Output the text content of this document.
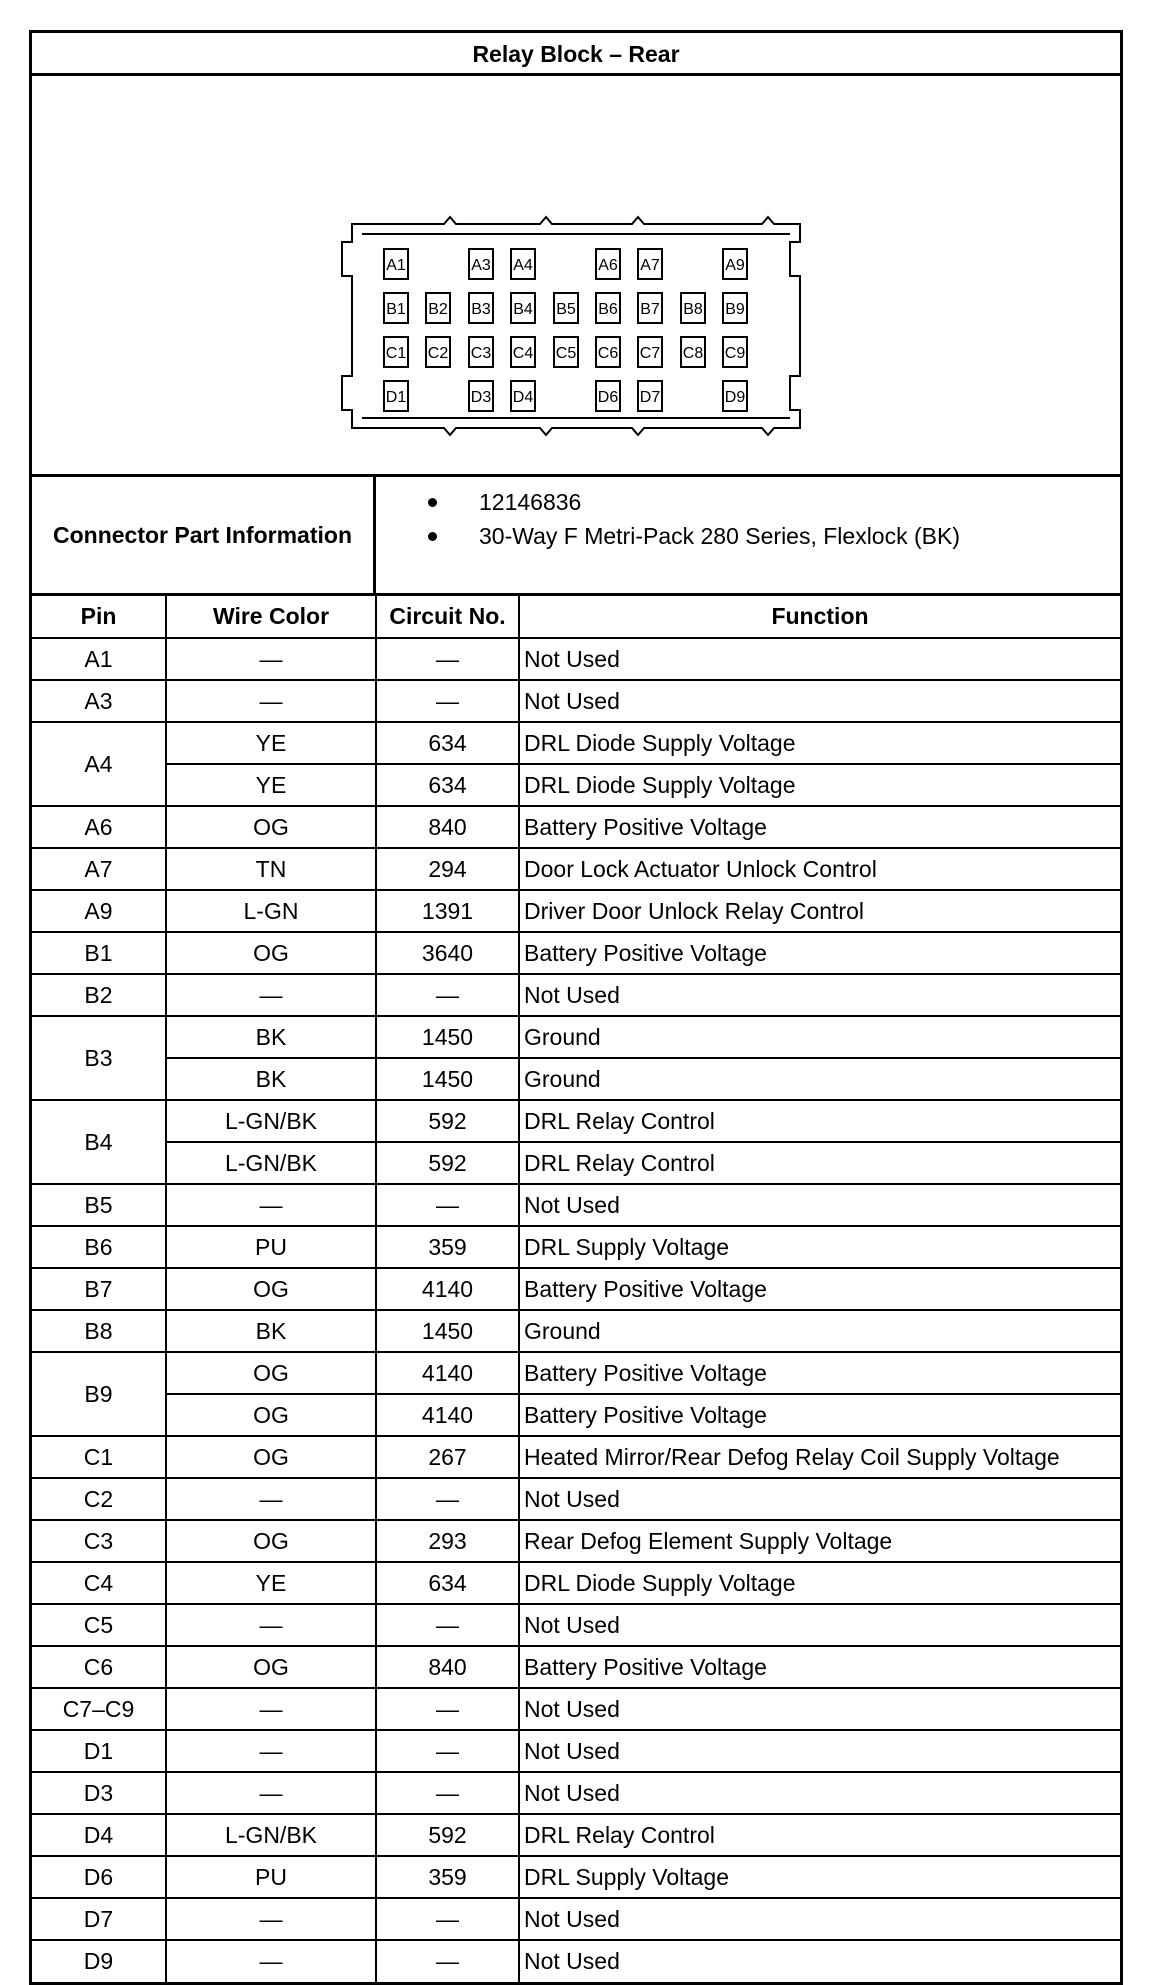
Relay Block – Rear
A1	A3 A4	A6 A7	A9
B1 B2 B3 B4 B5 B6 B7 B8 B9
C1 C2 C3 C4 C5 C6 C7 C8 C9
D1	D3 D4	D6 D7	D9
Connector Part Information
12146836
30-Way F Metri-Pack 280 Series, Flexlock (BK)
Pin	Wire Color	Circuit No.	Function
A1	—	—	Not Used
A3	—	—	Not Used
A4	YE	634	DRL Diode Supply Voltage
	YE	634	DRL Diode Supply Voltage
A6	OG	840	Battery Positive Voltage
A7	TN	294	Door Lock Actuator Unlock Control
A9	L-GN	1391	Driver Door Unlock Relay Control
B1	OG	3640	Battery Positive Voltage
B2	—	—	Not Used
B3	BK	1450	Ground
	BK	1450	Ground
B4	L-GN/BK	592	DRL Relay Control
	L-GN/BK	592	DRL Relay Control
B5	—	—	Not Used
B6	PU	359	DRL Supply Voltage
B7	OG	4140	Battery Positive Voltage
B8	BK	1450	Ground
B9	OG	4140	Battery Positive Voltage
	OG	4140	Battery Positive Voltage
C1	OG	267	Heated Mirror/Rear Defog Relay Coil Supply Voltage
C2	—	—	Not Used
C3	OG	293	Rear Defog Element Supply Voltage
C4	YE	634	DRL Diode Supply Voltage
C5	—	—	Not Used
C6	OG	840	Battery Positive Voltage
C7–C9	—	—	Not Used
D1	—	—	Not Used
D3	—	—	Not Used
D4	L-GN/BK	592	DRL Relay Control
D6	PU	359	DRL Supply Voltage
D7	—	—	Not Used
D9	—	—	Not Used
